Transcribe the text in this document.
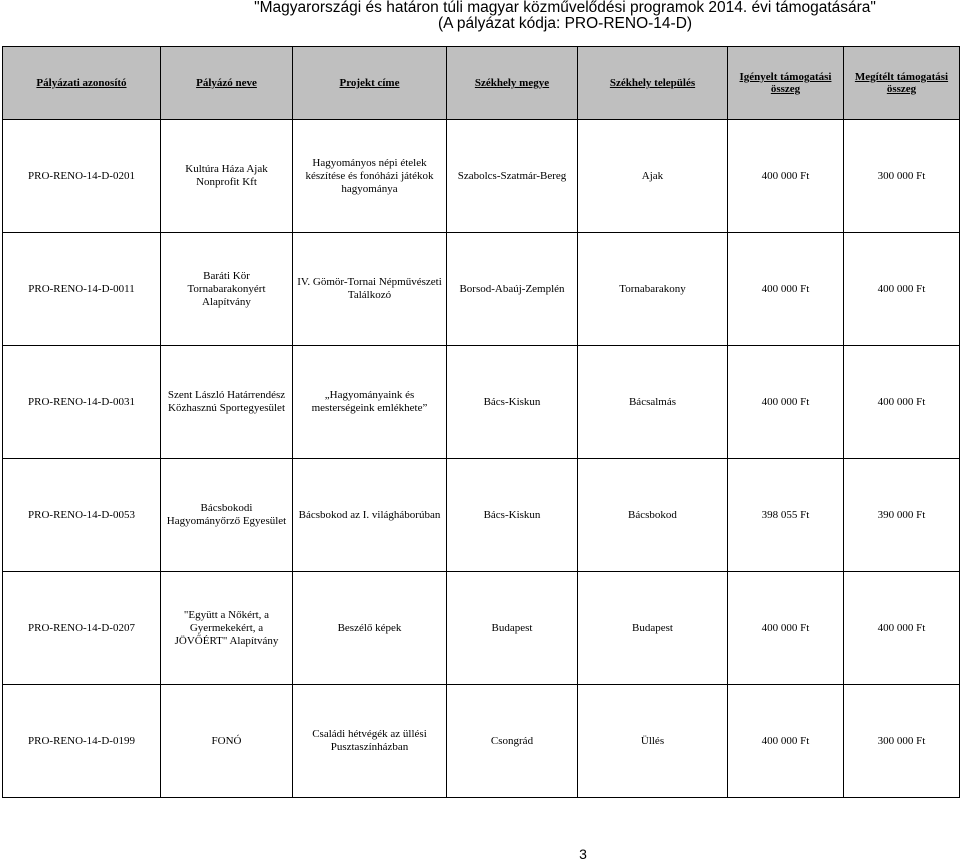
"Magyarországi és határon túli magyar közművelődési programok 2014. évi támogatására"
(A pályázat kódja: PRO-RENO-14-D)
Pályázati azonosító	Pályázó neve	Projekt címe	Székhely megye	Székhely település	Igényelt támogatási összeg	Megítélt támogatási összeg
PRO-RENO-14-D-0201	Kultúra Háza Ajak Nonprofit Kft	Hagyományos népi ételek készítése és fonóházi játékok hagyománya	Szabolcs-Szatmár-Bereg	Ajak	400 000 Ft	300 000 Ft
PRO-RENO-14-D-0011	Baráti Kör Tornabarakonyért Alapítvány	IV. Gömör-Tornai Népművészeti Találkozó	Borsod-Abaúj-Zemplén	Tornabarakony	400 000 Ft	400 000 Ft
PRO-RENO-14-D-0031	Szent László Határrendész Közhasznú Sportegyesület	„Hagyományaink és mesterségeink emlékhete”	Bács-Kiskun	Bácsalmás	400 000 Ft	400 000 Ft
PRO-RENO-14-D-0053	Bácsbokodi Hagyományőrző Egyesület	Bácsbokod az I. világháborúban	Bács-Kiskun	Bácsbokod	398 055 Ft	390 000 Ft
PRO-RENO-14-D-0207	"Együtt a Nőkért, a Gyermekekért, a JÖVŐÉRT" Alapítvány	Beszélő képek	Budapest	Budapest	400 000 Ft	400 000 Ft
PRO-RENO-14-D-0199	FONÓ	Családi hétvégék az üllési Pusztaszínházban	Csongrád	Üllés	400 000 Ft	300 000 Ft
3
